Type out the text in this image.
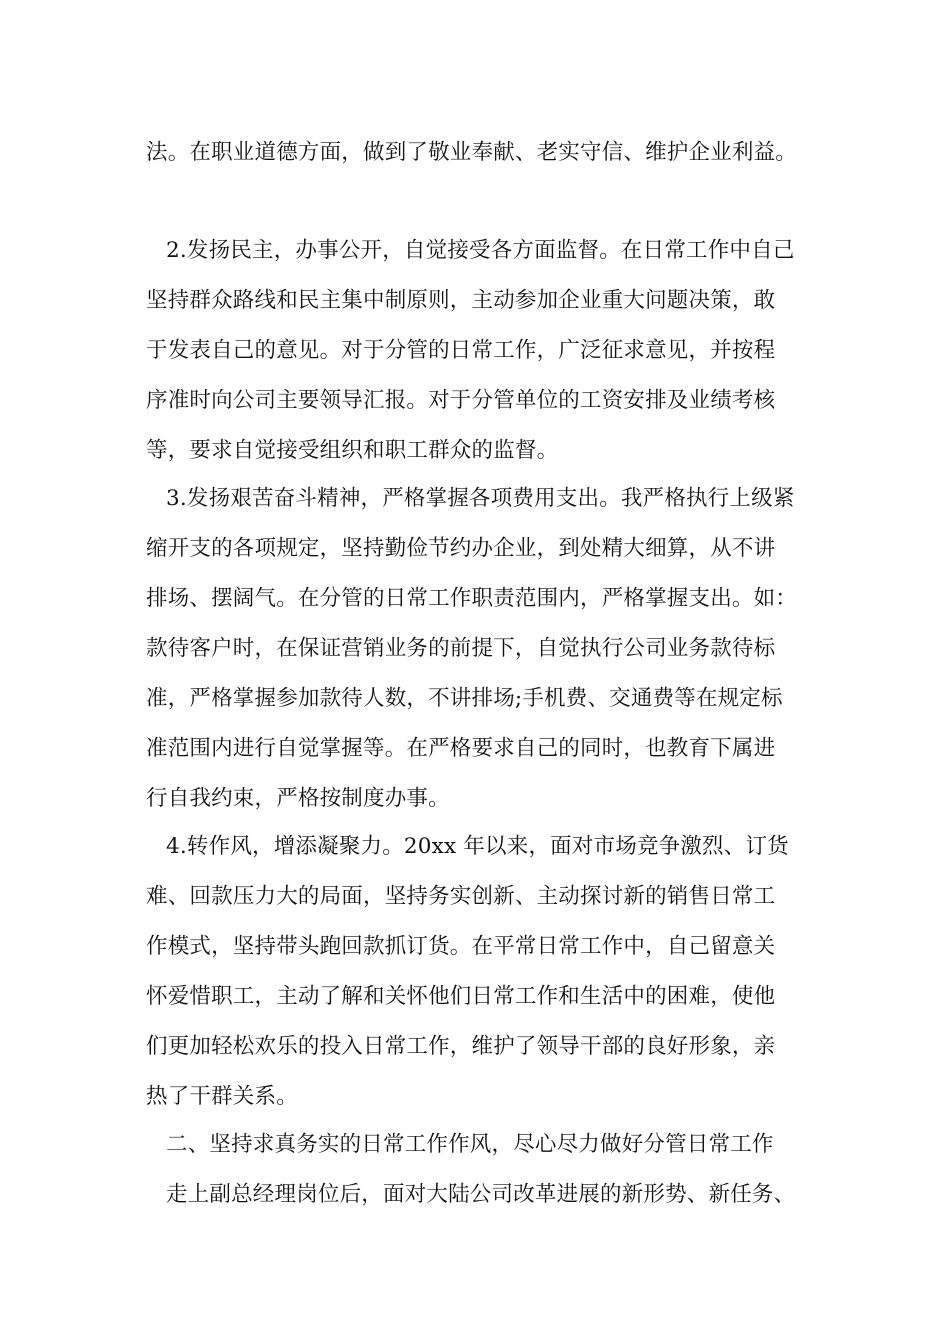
法。在职业道德方面，做到了敬业奉献、老实守信、维护企业利益。

2.发扬民主，办事公开，自觉接受各方面监督。在日常工作中自己
坚持群众路线和民主集中制原则，主动参加企业重大问题决策，敢
于发表自己的意见。对于分管的日常工作，广泛征求意见，并按程
序准时向公司主要领导汇报。对于分管单位的工资安排及业绩考核
等，要求自觉接受组织和职工群众的监督。

3.发扬艰苦奋斗精神，严格掌握各项费用支出。我严格执行上级紧
缩开支的各项规定，坚持勤俭节约办企业，到处精大细算，从不讲
排场、摆阔气。在分管的日常工作职责范围内，严格掌握支出。如：
款待客户时，在保证营销业务的前提下，自觉执行公司业务款待标
准，严格掌握参加款待人数，不讲排场;手机费、交通费等在规定标
准范围内进行自觉掌握等。在严格要求自己的同时，也教育下属进
行自我约束，严格按制度办事。

4.转作风，增添凝聚力。20xx 年以来，面对市场竞争激烈、订货
难、回款压力大的局面，坚持务实创新、主动探讨新的销售日常工
作模式，坚持带头跑回款抓订货。在平常日常工作中，自己留意关
怀爱惜职工，主动了解和关怀他们日常工作和生活中的困难，使他
们更加轻松欢乐的投入日常工作，维护了领导干部的良好形象，亲
热了干群关系。

二、坚持求真务实的日常工作作风，尽心尽力做好分管日常工作

走上副总经理岗位后，面对大陆公司改革进展的新形势、新任务、
